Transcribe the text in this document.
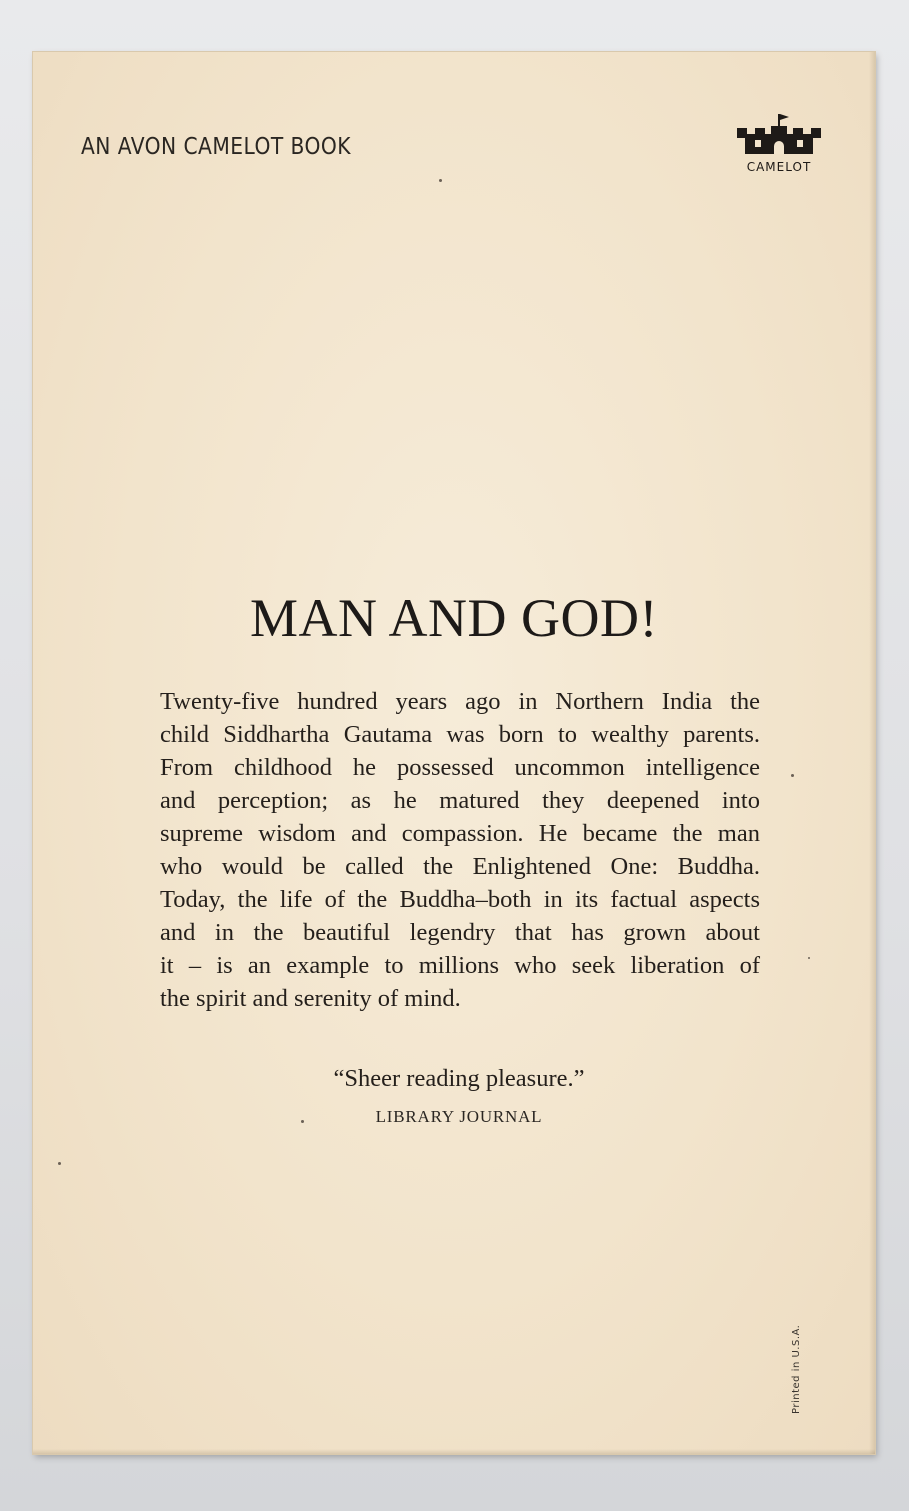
AN AVON CAMELOT BOOK
CAMELOT
MAN AND GOD!
Twenty-five hundred years ago in Northern India the
child Siddhartha Gautama was born to wealthy parents.
From childhood he possessed uncommon intelligence
and perception; as he matured they deepened into
supreme wisdom and compassion. He became the man
who would be called the Enlightened One: Buddha.
Today, the life of the Buddha–both in its factual aspects
and in the beautiful legendry that has grown about
it – is an example to millions who seek liberation of
the spirit and serenity of mind.
“Sheer reading pleasure.”
LIBRARY JOURNAL
Printed in U.S.A.
